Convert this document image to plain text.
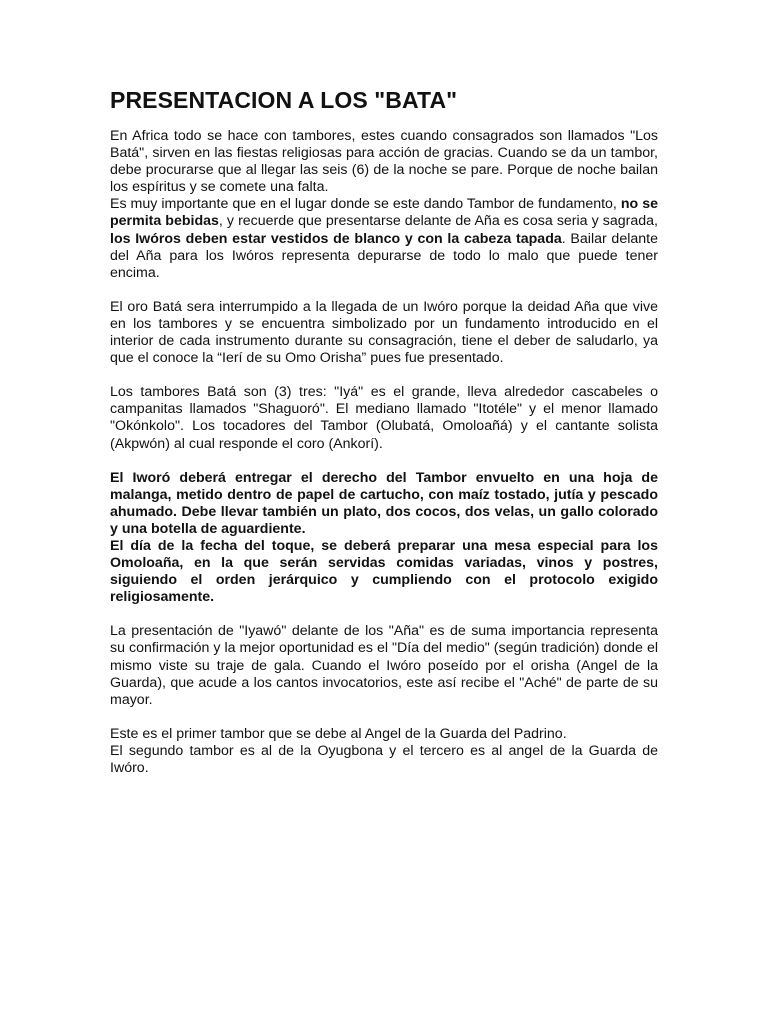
PRESENTACION A LOS "BATA"

En Africa todo se hace con tambores, estes cuando consagrados son llamados "Los Batá", sirven en las fiestas religiosas para acción de gracias. Cuando se da un tambor, debe procurarse que al llegar las seis (6) de la noche se pare. Porque de noche bailan los espíritus y se comete una falta.

Es muy importante que en el lugar donde se este dando Tambor de fundamento, no se permita bebidas, y recuerde que presentarse delante de Aña es cosa seria y sagrada, los Iwóros deben estar vestidos de blanco y con la cabeza tapada. Bailar delante del Aña para los Iwóros representa depurarse de todo lo malo que puede tener encima.

El oro Batá sera interrumpido a la llegada de un Iwóro porque la deidad Aña que vive en los tambores y se encuentra simbolizado por un fundamento introducido en el interior de cada instrumento durante su consagración, tiene el deber de saludarlo, ya que el conoce la “Ierí de su Omo Orisha” pues fue presentado.

Los tambores Batá son (3) tres: "Iyá" es el grande, lleva alrededor cascabeles o campanitas llamados "Shaguoró". El mediano llamado "Itotéle" y el menor llamado "Okónkolo". Los tocadores del Tambor (Olubatá, Omoloañá) y el cantante solista (Akpwón) al cual responde el coro (Ankorí).

El Iworó deberá entregar el derecho del Tambor envuelto en una hoja de malanga, metido dentro de papel de cartucho, con maíz tostado, jutía y pescado ahumado. Debe llevar también un plato, dos cocos, dos velas, un gallo colorado y una botella de aguardiente.

El día de la fecha del toque, se deberá preparar una mesa especial para los Omoloaña, en la que serán servidas comidas variadas, vinos y postres, siguiendo el orden jerárquico y cumpliendo con el protocolo exigido religiosamente.

La presentación de "Iyawó" delante de los "Aña" es de suma importancia representa su confirmación y la mejor oportunidad es el "Día del medio" (según tradición) donde el mismo viste su traje de gala. Cuando el Iwóro poseído por el orisha (Angel de la Guarda), que acude a los cantos invocatorios, este así recibe el "Aché" de parte de su mayor.

Este es el primer tambor que se debe al Angel de la Guarda del Padrino.

El segundo tambor es al de la Oyugbona y el tercero es al angel de la Guarda de Iwóro.
